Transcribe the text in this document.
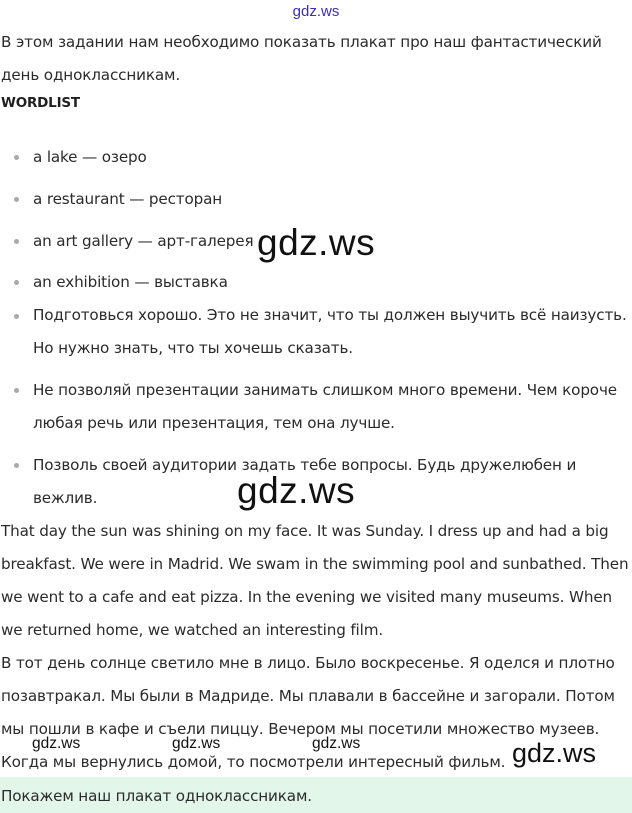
gdz.ws

В этом задании нам необходимо показать плакат про наш фантастический

день одноклассникам.

WORDLIST
a lake — озеро
a restaurant — ресторан
an art gallery — арт-галерея
an exhibition — выставка
Подготовься хорошо. Это не значит, что ты должен выучить всё наизусть.
Но нужно знать, что ты хочешь сказать.
Не позволяй презентации занимать слишком много времени. Чем короче
любая речь или презентация, тем она лучше.
Позволь своей аудитории задать тебе вопросы. Будь дружелюбен и
вежлив.

That day the sun was shining on my face. It was Sunday. I dress up and had a big

breakfast. We were in Madrid. We swam in the swimming pool and sunbathed. Then

we went to a cafe and eat pizza. In the evening we visited many museums. When

we returned home, we watched an interesting film.

В тот день солнце светило мне в лицо. Было воскресенье. Я оделся и плотно

позавтракал. Мы были в Мадриде. Мы плавали в бассейне и загорали. Потом

мы пошли в кафе и съели пиццу. Вечером мы посетили множество музеев.

Когда мы вернулись домой, то посмотрели интересный фильм.

Покажем наш плакат одноклассникам.

gdz.ws
gdz.ws
gdz.ws	gdz.ws	gdz.ws	gdz.ws
